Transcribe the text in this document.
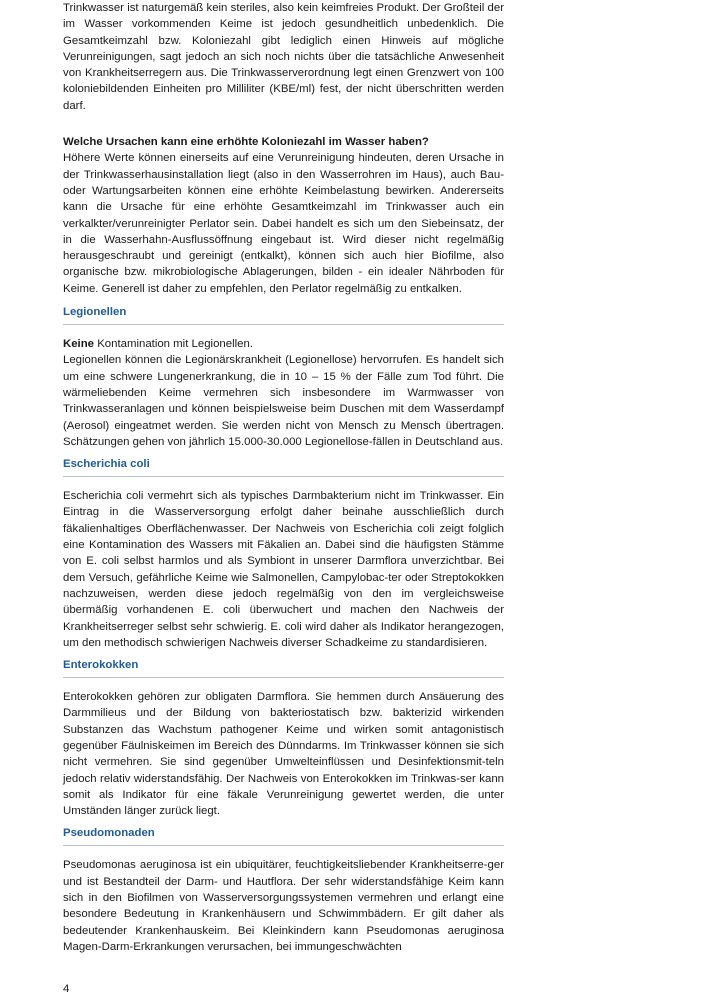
Trinkwasser ist naturgemäß kein steriles, also kein keimfreies Produkt. Der Großteil der im Wasser vorkommenden Keime ist jedoch gesundheitlich unbedenklich. Die Gesamtkeimzahl bzw. Koloniezahl gibt lediglich einen Hinweis auf mögliche Verunreinigungen, sagt jedoch an sich noch nichts über die tatsächliche Anwesenheit von Krankheitserregern aus. Die Trinkwasserverordnung legt einen Grenzwert von 100 koloniebildenden Einheiten pro Milliliter (KBE/ml) fest, der nicht überschritten werden darf.

Welche Ursachen kann eine erhöhte Koloniezahl im Wasser haben?

Höhere Werte können einerseits auf eine Verunreinigung hindeuten, deren Ursache in der Trinkwasserhausinstallation liegt (also in den Wasserrohren im Haus), auch Bau- oder Wartungsarbeiten können eine erhöhte Keimbelastung bewirken. Andererseits kann die Ursache für eine erhöhte Gesamtkeimzahl im Trinkwasser auch ein verkalkter/verunreinigter Perlator sein. Dabei handelt es sich um den Siebeinsatz, der in die Wasserhahn-Ausflussöffnung eingebaut ist. Wird dieser nicht regelmäßig herausgeschraubt und gereinigt (entkalkt), können sich auch hier Biofilme, also organische bzw. mikrobiologische Ablagerungen, bilden - ein idealer Nährboden für Keime. Generell ist daher zu empfehlen, den Perlator regelmäßig zu entkalken.

Legionellen

Keine Kontamination mit Legionellen.

Legionellen können die Legionärskrankheit (Legionellose) hervorrufen. Es handelt sich um eine schwere Lungenerkrankung, die in 10 – 15 % der Fälle zum Tod führt. Die wärmeliebenden Keime vermehren sich insbesondere im Warmwasser von Trinkwasseranlagen und können beispielsweise beim Duschen mit dem Wasserdampf (Aerosol) eingeatmet werden. Sie werden nicht von Mensch zu Mensch übertragen. Schätzungen gehen von jährlich 15.000-30.000 Legionellose-fällen in Deutschland aus.

Escherichia coli

Escherichia coli vermehrt sich als typisches Darmbakterium nicht im Trinkwasser. Ein Eintrag in die Wasserversorgung erfolgt daher beinahe ausschließlich durch fäkalienhaltiges Oberflächenwasser. Der Nachweis von Escherichia coli zeigt folglich eine Kontamination des Wassers mit Fäkalien an. Dabei sind die häufigsten Stämme von E. coli selbst harmlos und als Symbiont in unserer Darmflora unverzichtbar. Bei dem Versuch, gefährliche Keime wie Salmonellen, Campylobac-ter oder Streptokokken nachzuweisen, werden diese jedoch regelmäßig von den im vergleichsweise übermäßig vorhandenen E. coli überwuchert und machen den Nachweis der Krankheitserreger selbst sehr schwierig. E. coli wird daher als Indikator herangezogen, um den methodisch schwierigen Nachweis diverser Schadkeime zu standardisieren.

Enterokokken

Enterokokken gehören zur obligaten Darmflora. Sie hemmen durch Ansäuerung des Darmmilieus und der Bildung von bakteriostatisch bzw. bakterizid wirkenden Substanzen das Wachstum pathogener Keime und wirken somit antagonistisch gegenüber Fäulniskeimen im Bereich des Dünndarms. Im Trinkwasser können sie sich nicht vermehren. Sie sind gegenüber Umwelteinflüssen und Desinfektionsmit-teln jedoch relativ widerstandsfähig. Der Nachweis von Enterokokken im Trinkwas-ser kann somit als Indikator für eine fäkale Verunreinigung gewertet werden, die unter Umständen länger zurück liegt.

Pseudomonaden

Pseudomonas aeruginosa ist ein ubiquitärer, feuchtigkeitsliebender Krankheitserre-ger und ist Bestandteil der Darm- und Hautflora. Der sehr widerstandsfähige Keim kann sich in den Biofilmen von Wasserversorgungssystemen vermehren und erlangt eine besondere Bedeutung in Krankenhäusern und Schwimmbädern. Er gilt daher als bedeutender Krankenhauskeim. Bei Kleinkindern kann Pseudomonas aeruginosa Magen-Darm-Erkrankungen verursachen, bei immungeschwächten

4
